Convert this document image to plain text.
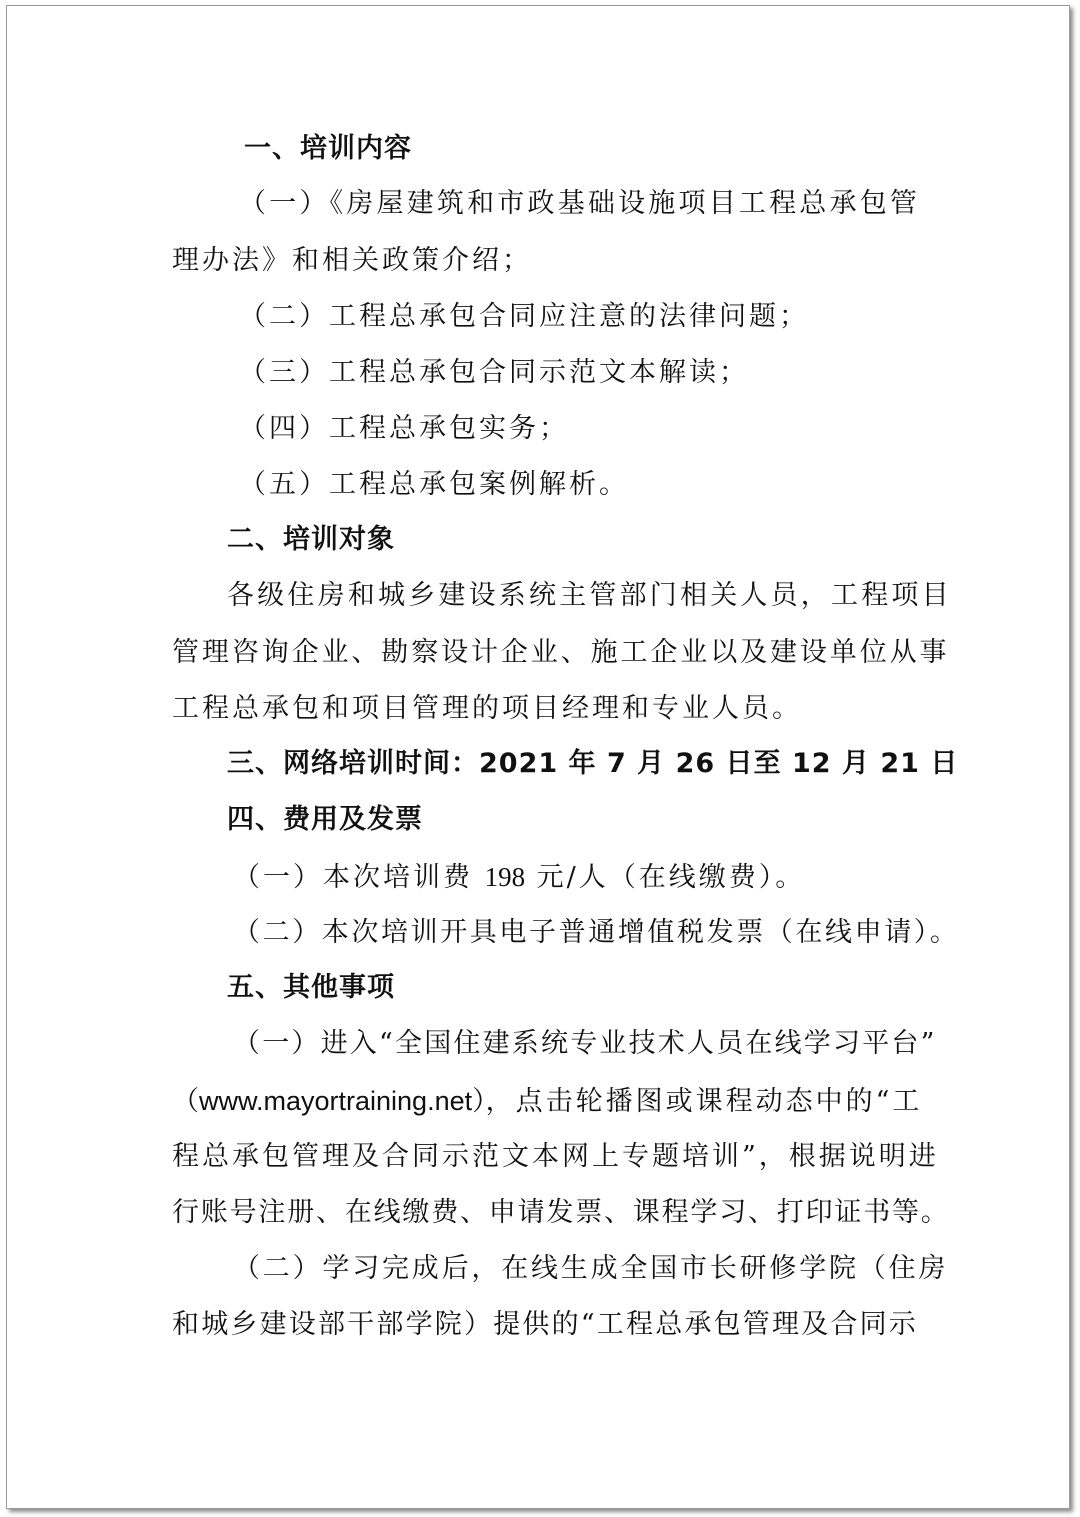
一、培训内容
（一）《房屋建筑和市政基础设施项目工程总承包管
理办法》和相关政策介绍；
（二）工程总承包合同应注意的法律问题；
（三）工程总承包合同示范文本解读；
（四）工程总承包实务；
（五）工程总承包案例解析。
二、培训对象
各级住房和城乡建设系统主管部门相关人员，工程项目
管理咨询企业、勘察设计企业、施工企业以及建设单位从事
工程总承包和项目管理的项目经理和专业人员。
三、网络培训时间：2021 年 7 月 26 日至 12 月 21 日
四、费用及发票
（一）本次培训费 198 元/人（在线缴费）。
（二）本次培训开具电子普通增值税发票（在线申请）。
五、其他事项
（一）进入“全国住建系统专业技术人员在线学习平台”
（www.mayortraining.net），点击轮播图或课程动态中的“工
程总承包管理及合同示范文本网上专题培训”，根据说明进
行账号注册、在线缴费、申请发票、课程学习、打印证书等。
（二）学习完成后，在线生成全国市长研修学院（住房
和城乡建设部干部学院）提供的“工程总承包管理及合同示
